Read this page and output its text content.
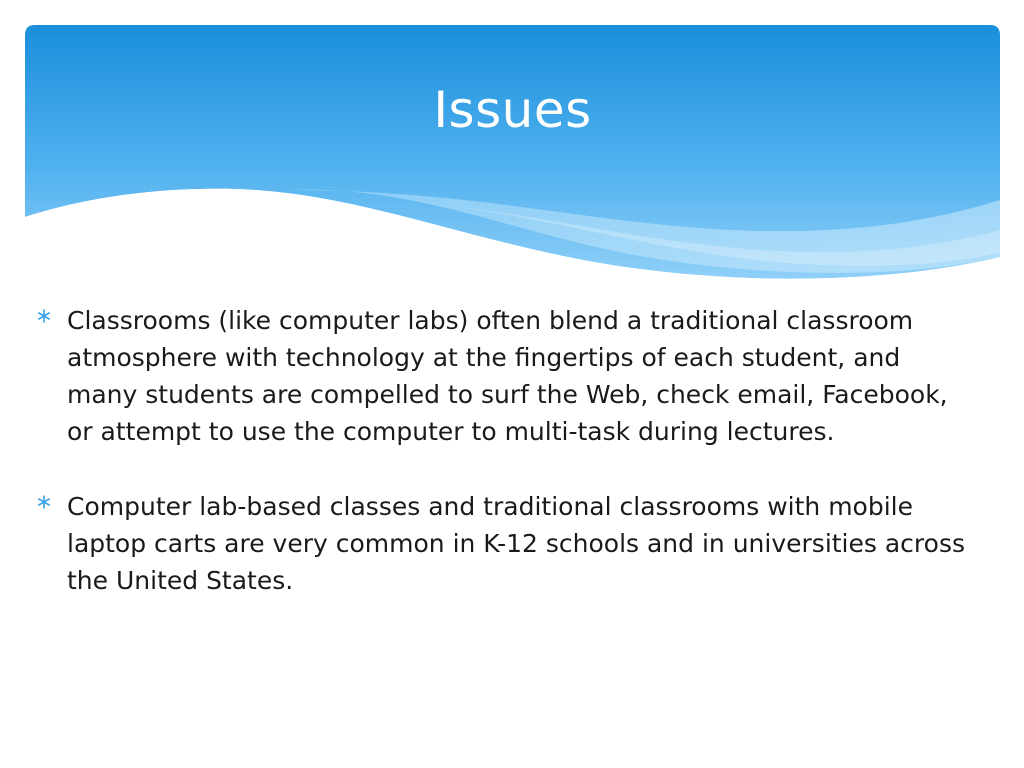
Issues
Classrooms (like computer labs) often blend a traditional classroom atmosphere with technology at the fingertips of each student, and many students are compelled to surf the Web, check email, Facebook, or attempt to use the computer to multi-task during lectures.
Computer lab-based classes and traditional classrooms with mobile laptop carts are very common in K-12 schools and in universities across the United States.
